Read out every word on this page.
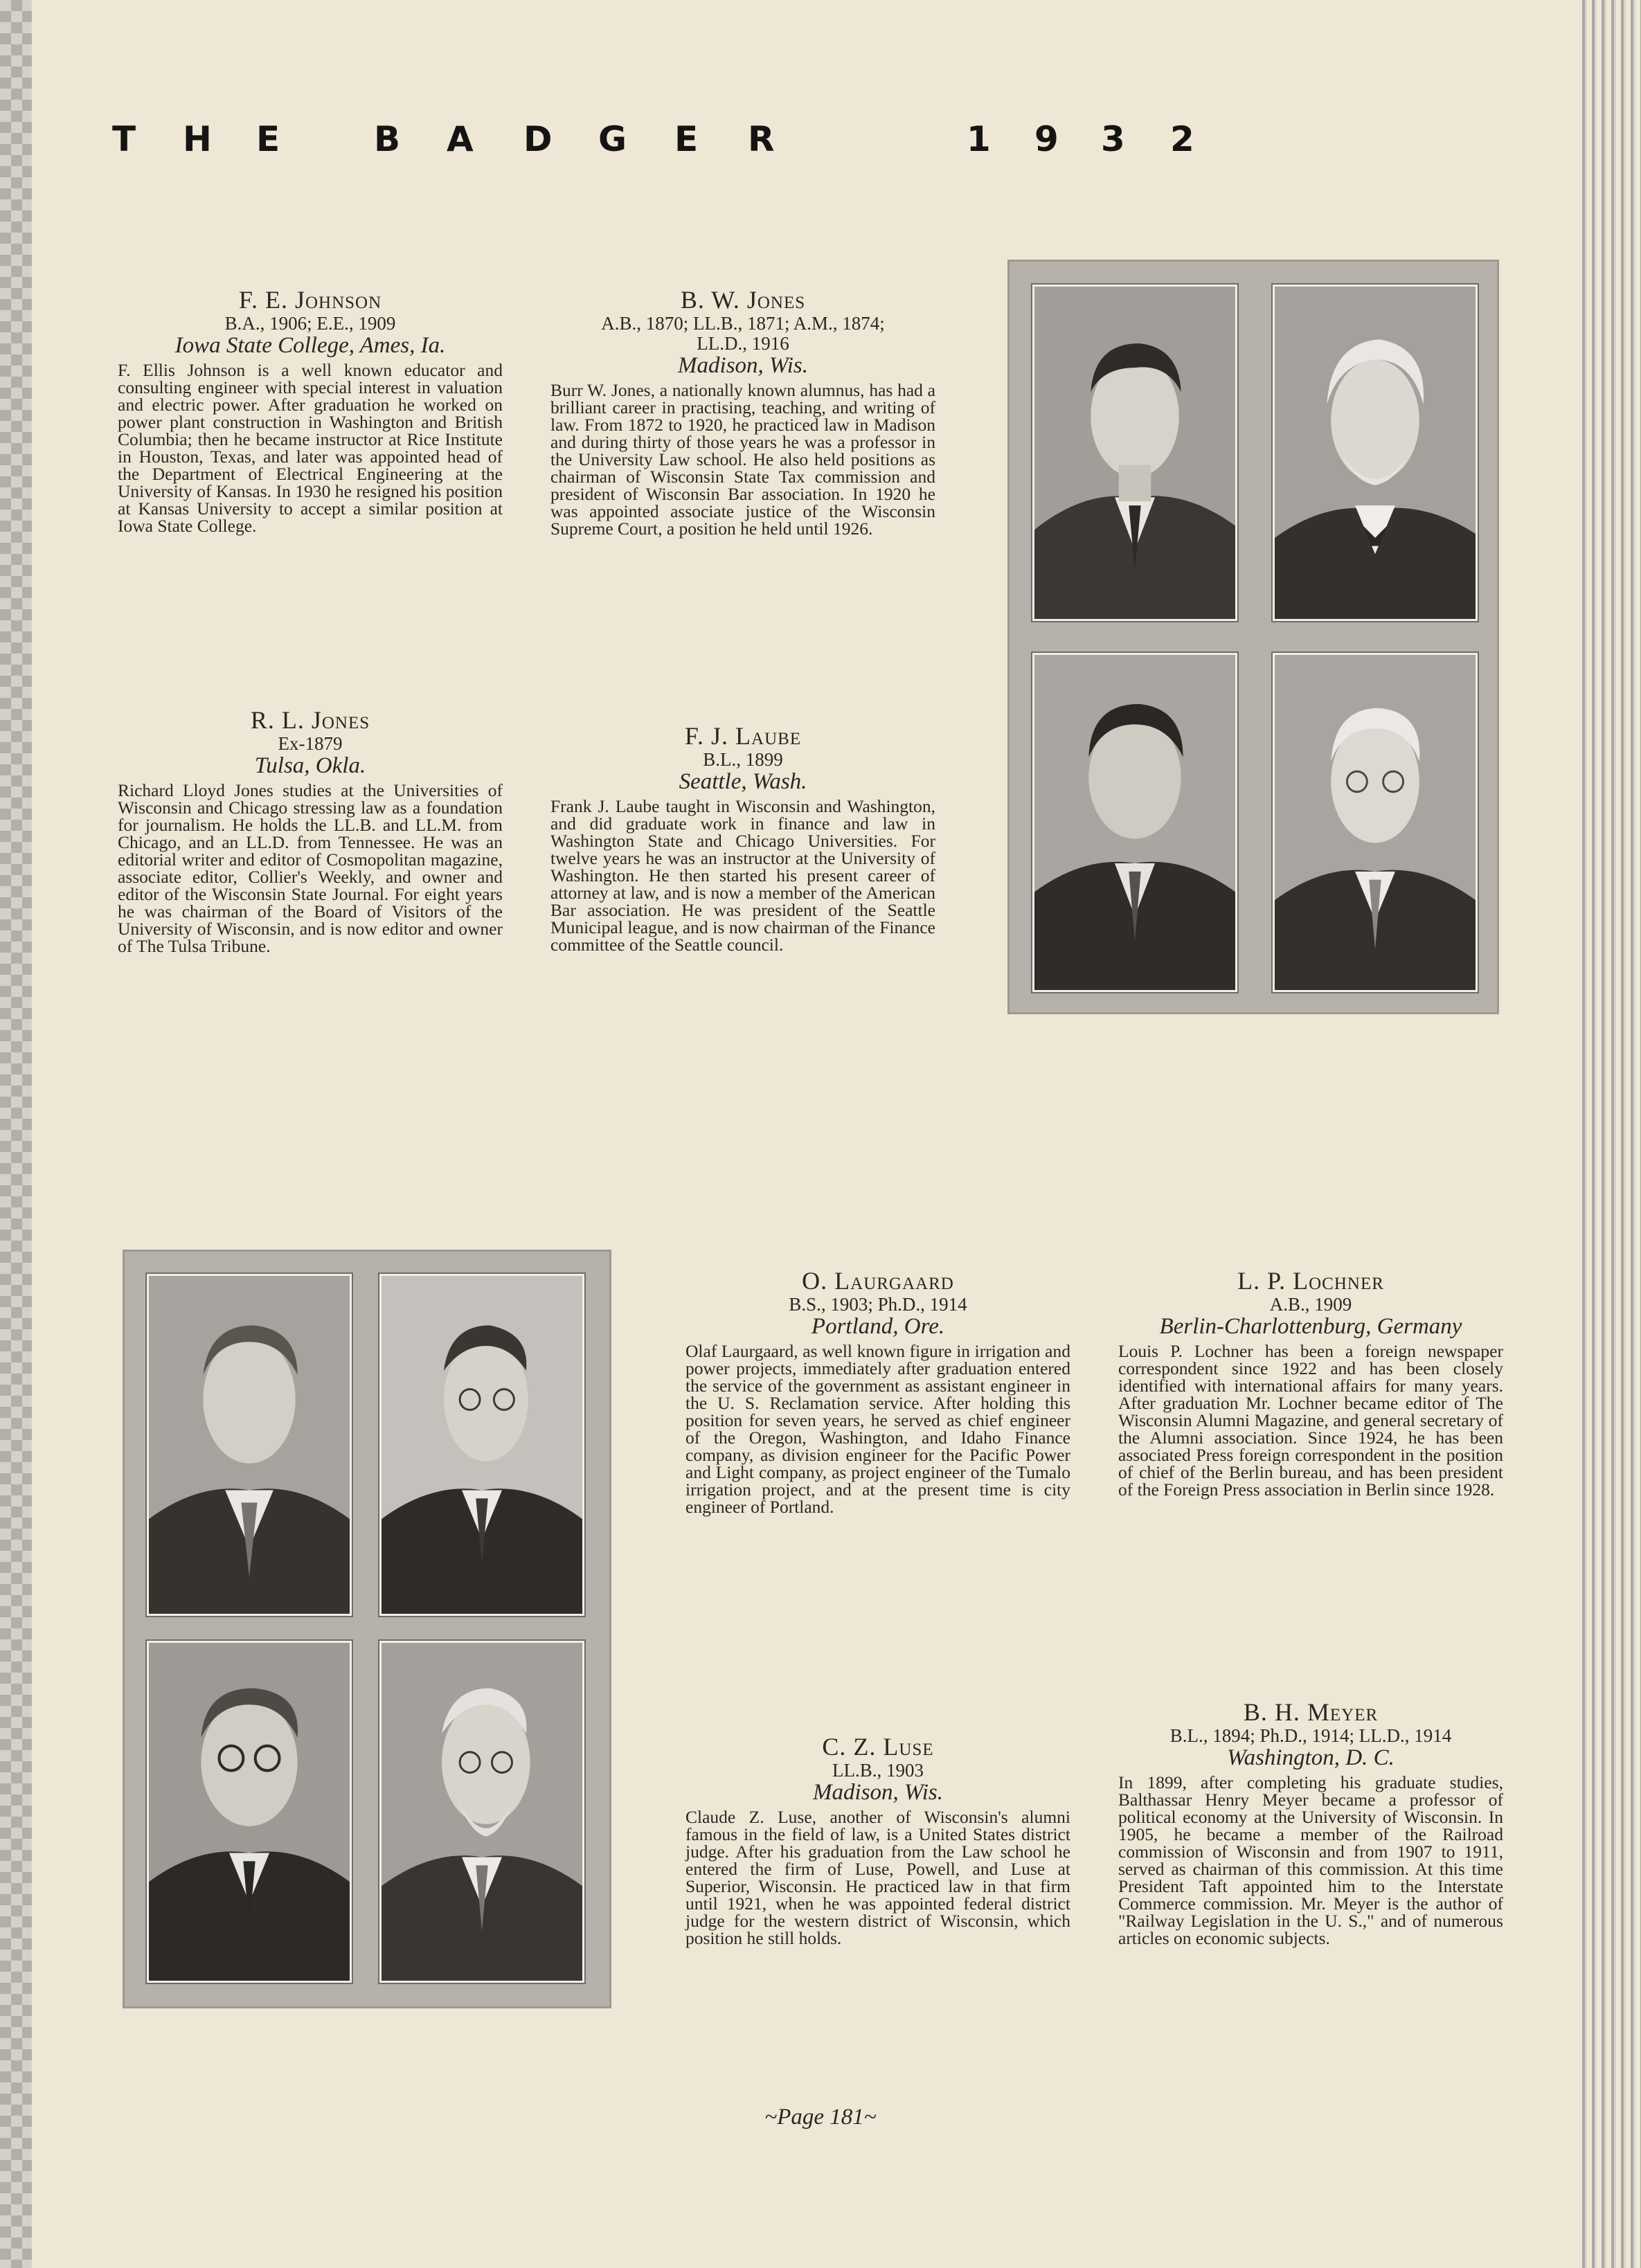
T H E	B A D G E R	1 9 3 2
F. E. Johnson
B.A., 1906; E.E., 1909
Iowa State College, Ames, Ia.
F. Ellis Johnson is a well known educator and consulting engineer with special interest in valuation and electric power. After graduation he worked on power plant construction in Washington and British Columbia; then he became instructor at Rice Institute in Houston, Texas, and later was appointed head of the Department of Electrical Engineering at the University of Kansas. In 1930 he resigned his position at Kansas University to accept a similar position at Iowa State College.
B. W. Jones
A.B., 1870; LL.B., 1871; A.M., 1874;
LL.D., 1916
Madison, Wis.
Burr W. Jones, a nationally known alumnus, has had a brilliant career in practising, teaching, and writing of law. From 1872 to 1920, he practiced law in Madison and during thirty of those years he was a professor in the University Law school. He also held positions as chairman of Wisconsin State Tax commission and president of Wisconsin Bar association. In 1920 he was appointed associate justice of the Wisconsin Supreme Court, a position he held until 1926.
R. L. Jones
Ex-1879
Tulsa, Okla.
Richard Lloyd Jones studies at the Universities of Wisconsin and Chicago stressing law as a foundation for journalism. He holds the LL.B. and LL.M. from Chicago, and an LL.D. from Tennessee. He was an editorial writer and editor of Cosmopolitan magazine, associate editor, Collier's Weekly, and owner and editor of the Wisconsin State Journal. For eight years he was chairman of the Board of Visitors of the University of Wisconsin, and is now editor and owner of The Tulsa Tribune.
F. J. Laube
B.L., 1899
Seattle, Wash.
Frank J. Laube taught in Wisconsin and Washington, and did graduate work in finance and law in Washington State and Chicago Universities. For twelve years he was an instructor at the University of Washington. He then started his present career of attorney at law, and is now a member of the American Bar association. He was president of the Seattle Municipal league, and is now chairman of the Finance committee of the Seattle council.
O. Laurgaard
B.S., 1903; Ph.D., 1914
Portland, Ore.
Olaf Laurgaard, as well known figure in irrigation and power projects, immediately after graduation entered the service of the government as assistant engineer in the U. S. Reclamation service. After holding this position for seven years, he served as chief engineer of the Oregon, Washington, and Idaho Finance company, as division engineer for the Pacific Power and Light company, as project engineer of the Tumalo irrigation project, and at the present time is city engineer of Portland.
L. P. Lochner
A.B., 1909
Berlin-Charlottenburg, Germany
Louis P. Lochner has been a foreign newspaper correspondent since 1922 and has been closely identified with international affairs for many years. After graduation Mr. Lochner became editor of The Wisconsin Alumni Magazine, and general secretary of the Alumni association. Since 1924, he has been associated Press foreign correspondent in the position of chief of the Berlin bureau, and has been president of the Foreign Press association in Berlin since 1928.
C. Z. Luse
LL.B., 1903
Madison, Wis.
Claude Z. Luse, another of Wisconsin's alumni famous in the field of law, is a United States district judge. After his graduation from the Law school he entered the firm of Luse, Powell, and Luse at Superior, Wisconsin. He practiced law in that firm until 1921, when he was appointed federal district judge for the western district of Wisconsin, which position he still holds.
B. H. Meyer
B.L., 1894; Ph.D., 1914; LL.D., 1914
Washington, D. C.
In 1899, after completing his graduate studies, Balthassar Henry Meyer became a professor of political economy at the University of Wisconsin. In 1905, he became a member of the Railroad commission of Wisconsin and from 1907 to 1911, served as chairman of this commission. At this time President Taft appointed him to the Interstate Commerce commission. Mr. Meyer is the author of "Railway Legislation in the U. S.," and of numerous articles on economic subjects.
~Page 181~
